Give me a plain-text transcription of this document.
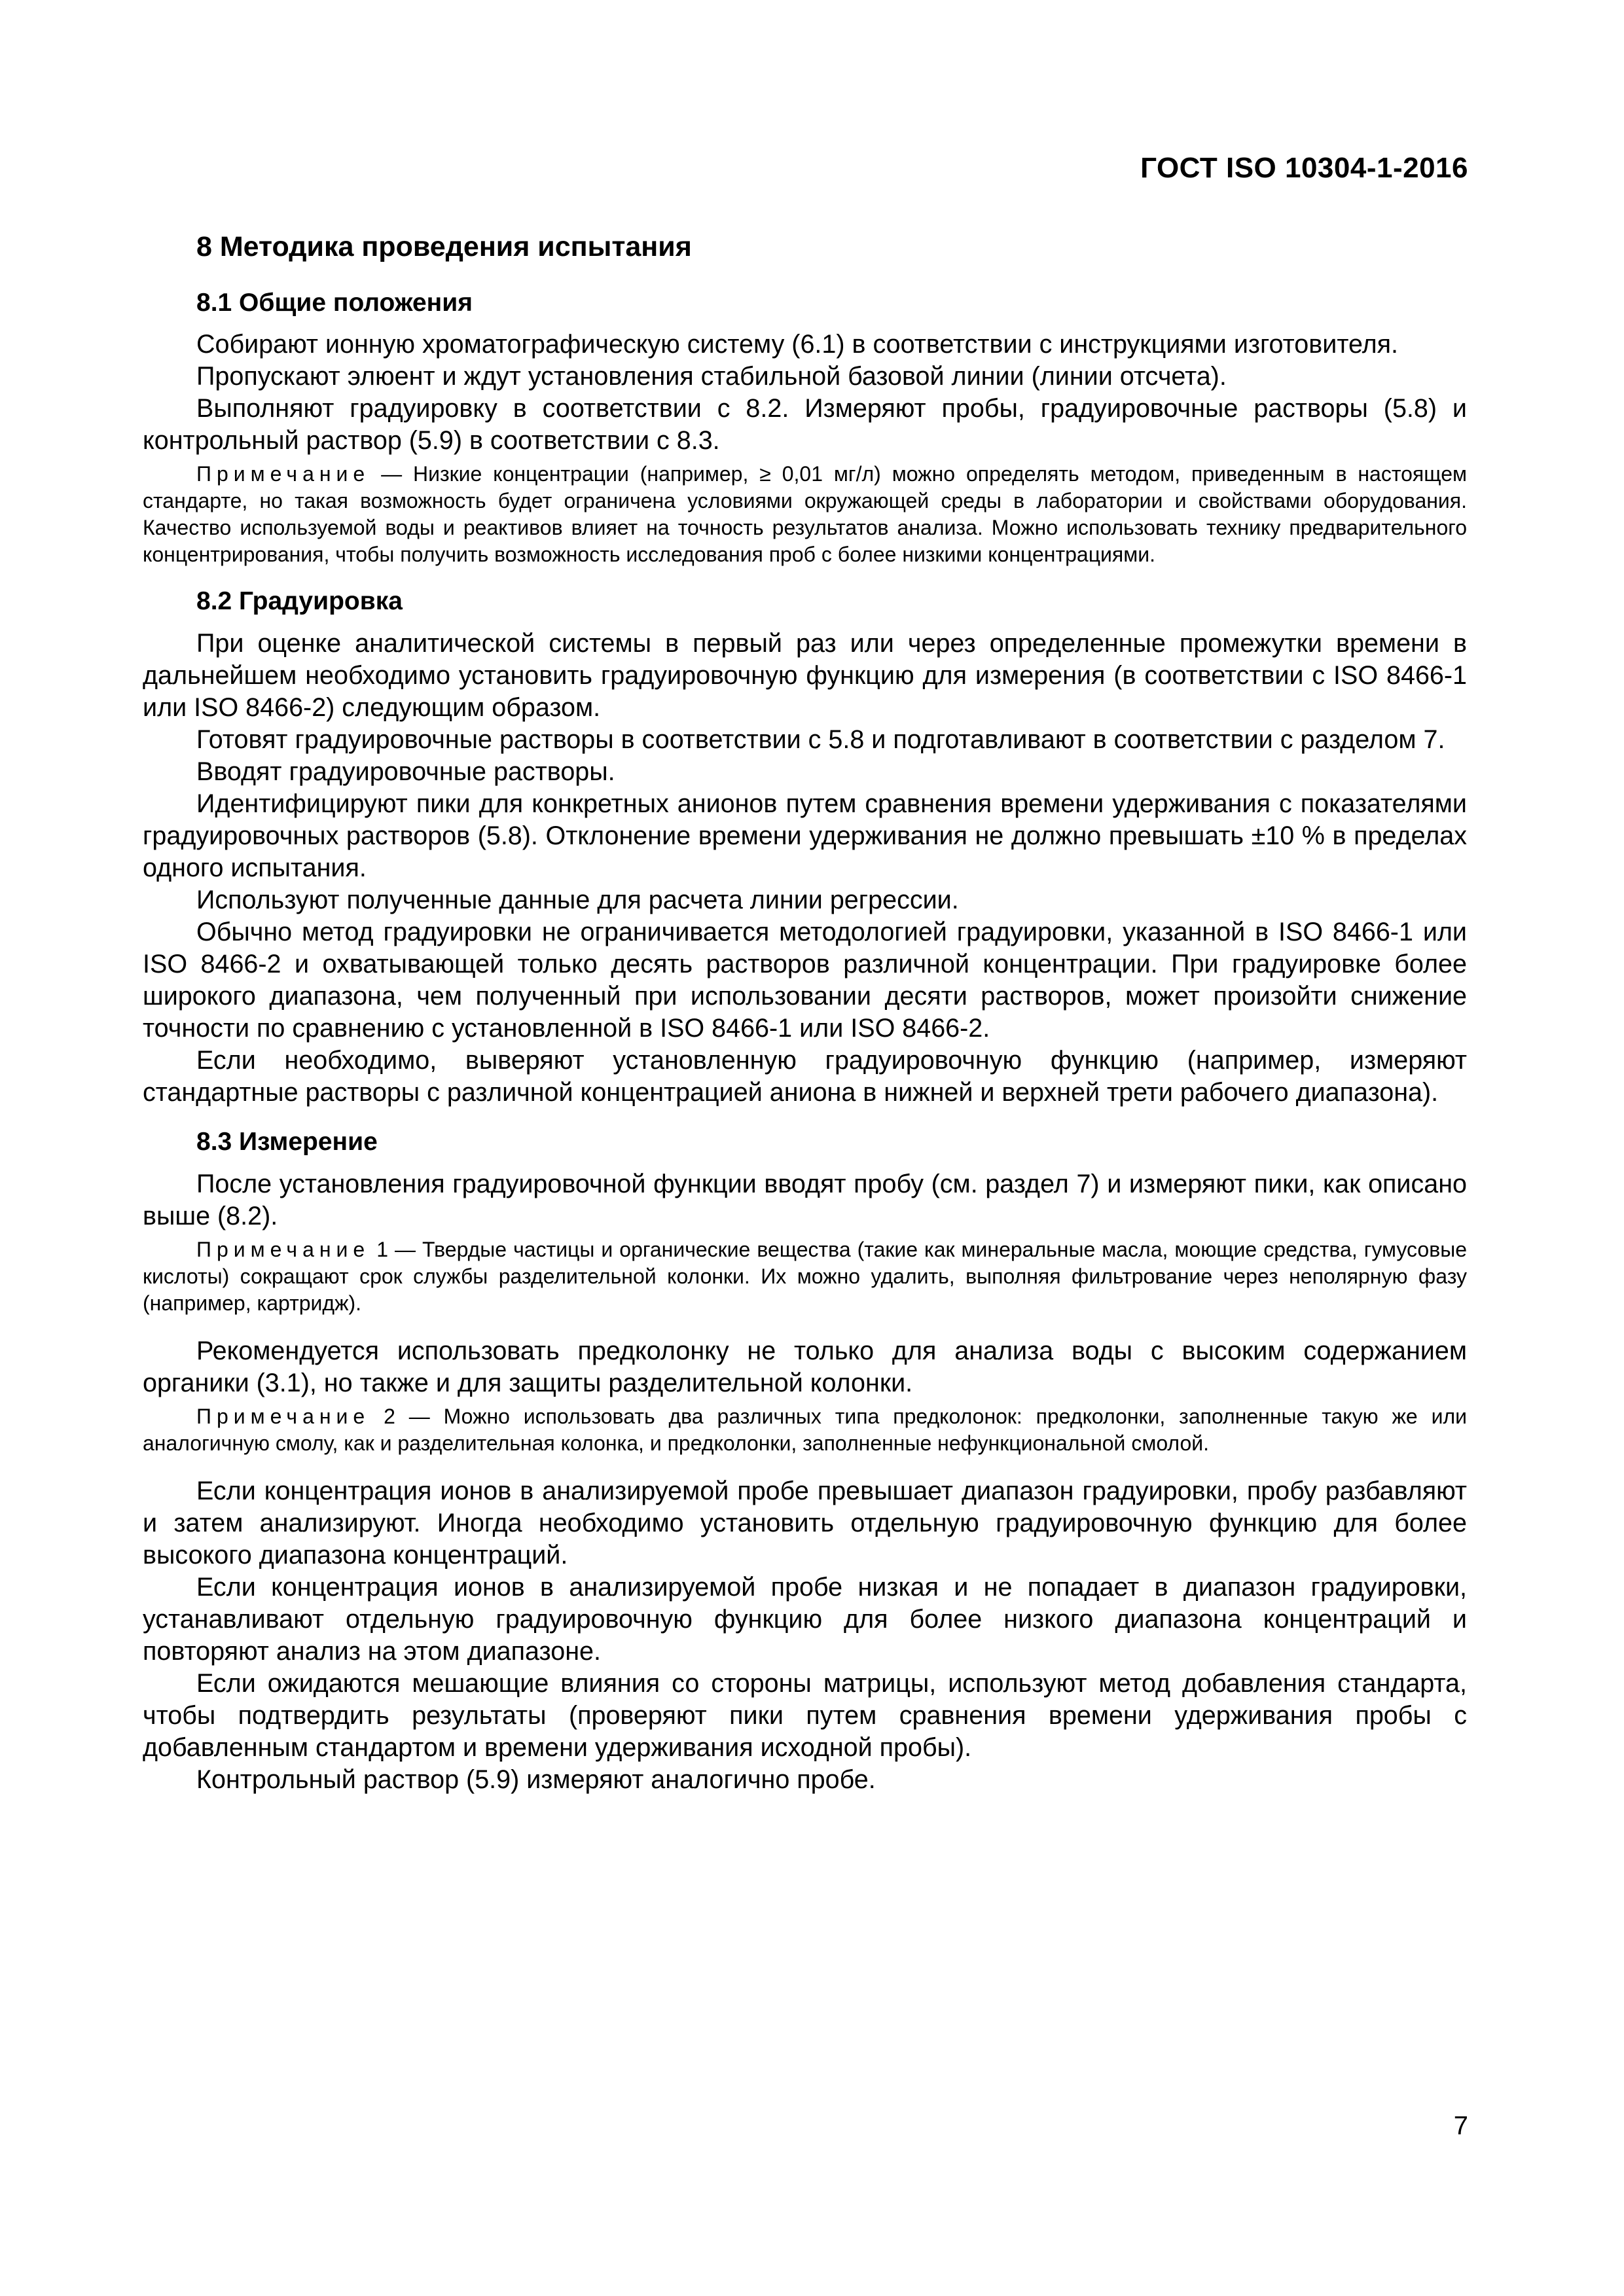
ГОСТ ISO 10304-1-2016
8 Методика проведения испытания
8.1 Общие положения

Собирают ионную хроматографическую систему (6.1) в соответствии с инструкциями изготовителя.

Пропускают элюент и ждут установления стабильной базовой линии (линии отсчета).

Выполняют градуировку в соответствии с 8.2. Измеряют пробы, градуировочные растворы (5.8) и контрольный раствор (5.9) в соответствии с 8.3.

Примечание — Низкие концентрации (например, ≥ 0,01 мг/л) можно определять методом, приведенным в настоящем стандарте, но такая возможность будет ограничена условиями окружающей среды в лаборатории и свойствами оборудования. Качество используемой воды и реактивов влияет на точность результатов анализа. Можно использовать технику предварительного концентрирования, чтобы получить возможность исследования проб с более низкими концентрациями.

8.2 Градуировка

При оценке аналитической системы в первый раз или через определенные промежутки времени в дальнейшем необходимо установить градуировочную функцию для измерения (в соответствии с ISO 8466-1 или ISO 8466-2) следующим образом.

Готовят градуировочные растворы в соответствии с 5.8 и подготавливают в соответствии с разделом 7.

Вводят градуировочные растворы.

Идентифицируют пики для конкретных анионов путем сравнения времени удерживания с показателями градуировочных растворов (5.8). Отклонение времени удерживания не должно превышать ±10 % в пределах одного испытания.

Используют полученные данные для расчета линии регрессии.

Обычно метод градуировки не ограничивается методологией градуировки, указанной в ISO 8466-1 или ISO 8466-2 и охватывающей только десять растворов различной концентрации. При градуировке более широкого диапазона, чем полученный при использовании десяти растворов, может произойти снижение точности по сравнению с установленной в ISO 8466-1 или ISO 8466-2.

Если необходимо, выверяют установленную градуировочную функцию (например, измеряют стандартные растворы с различной концентрацией аниона в нижней и верхней трети рабочего диапазона).

8.3 Измерение

После установления градуировочной функции вводят пробу (см. раздел 7) и измеряют пики, как описано выше (8.2).

Примечание 1 — Твердые частицы и органические вещества (такие как минеральные масла, моющие средства, гумусовые кислоты) сокращают срок службы разделительной колонки. Их можно удалить, выполняя фильтрование через неполярную фазу (например, картридж).

Рекомендуется использовать предколонку не только для анализа воды с высоким содержанием органики (3.1), но также и для защиты разделительной колонки.

Примечание 2 — Можно использовать два различных типа предколонок: предколонки, заполненные такую же или аналогичную смолу, как и разделительная колонка, и предколонки, заполненные нефункциональной смолой.

Если концентрация ионов в анализируемой пробе превышает диапазон градуировки, пробу разбавляют и затем анализируют. Иногда необходимо установить отдельную градуировочную функцию для более высокого диапазона концентраций.

Если концентрация ионов в анализируемой пробе низкая и не попадает в диапазон градуировки, устанавливают отдельную градуировочную функцию для более низкого диапазона концентраций и повторяют анализ на этом диапазоне.

Если ожидаются мешающие влияния со стороны матрицы, используют метод добавления стандарта, чтобы подтвердить результаты (проверяют пики путем сравнения времени удерживания пробы с добавленным стандартом и времени удерживания исходной пробы).

Контрольный раствор (5.9) измеряют аналогично пробе.

7
